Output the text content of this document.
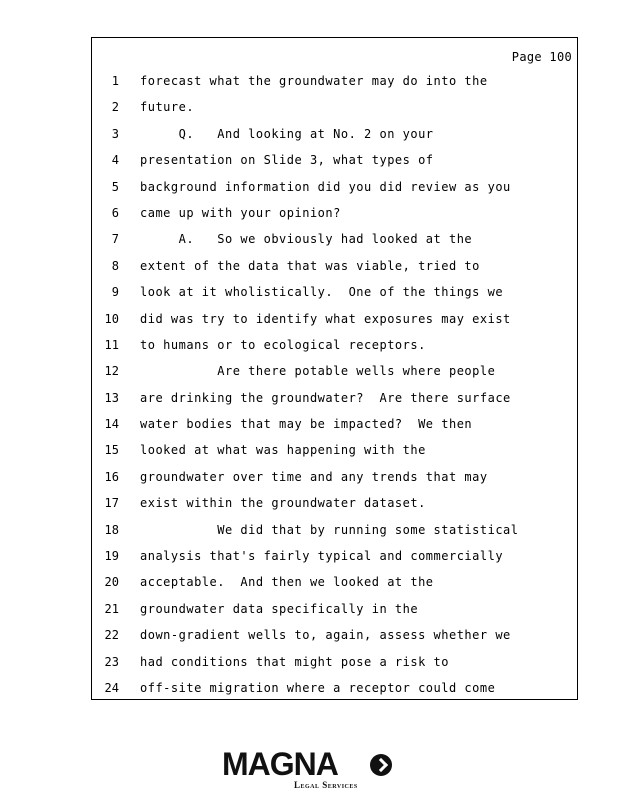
Page 100
1 forecast what the groundwater may do into the
2 future.
3 Q.   And looking at No. 2 on your
4 presentation on Slide 3, what types of
5 background information did you did review as you
6 came up with your opinion?
7 A.   So we obviously had looked at the
8 extent of the data that was viable, tried to
9 look at it wholistically.  One of the things we
10 did was try to identify what exposures may exist
11 to humans or to ecological receptors.
12 Are there potable wells where people
13 are drinking the groundwater?  Are there surface
14 water bodies that may be impacted?  We then
15 looked at what was happening with the
16 groundwater over time and any trends that may
17 exist within the groundwater dataset.
18 We did that by running some statistical
19 analysis that's fairly typical and commercially
20 acceptable.  And then we looked at the
21 groundwater data specifically in the
22 down-gradient wells to, again, assess whether we
23 had conditions that might pose a risk to
24 off-site migration where a receptor could come
MAGNA
Legal Services
